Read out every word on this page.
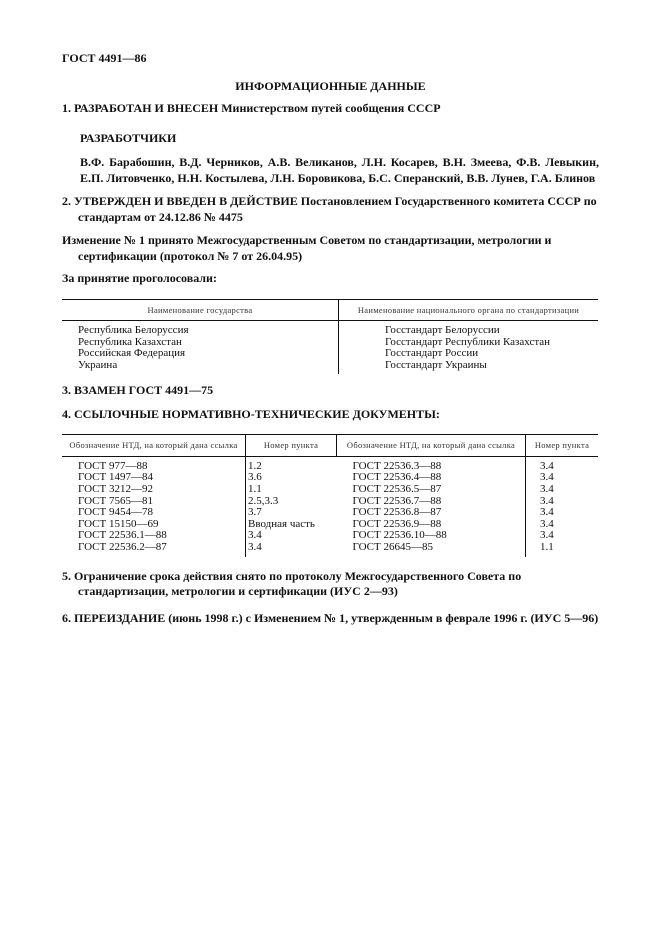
ГОСТ 4491—86
ИНФОРМАЦИОННЫЕ ДАННЫЕ
1. РАЗРАБОТАН И ВНЕСЕН Министерством путей сообщения СССР
РАЗРАБОТЧИКИ
В.Ф. Барабошин, В.Д. Черников, А.В. Великанов, Л.Н. Косарев, В.Н. Змеева, Ф.В. Левыкин, Е.П. Литовченко, Н.Н. Костылева, Л.Н. Боровикова, Б.С. Сперанский, В.В. Лунев, Г.А. Блинов
2. УТВЕРЖДЕН И ВВЕДЕН В ДЕЙСТВИЕ Постановлением Государственного комитета СССР по стандартам от 24.12.86 № 4475
Изменение № 1 принято Межгосударственным Советом по стандартизации, метрологии и сертификации (протокол № 7 от 26.04.95)
За принятие проголосовали:
Наименование государства	Наименование национального органа по стандартизации
Республика Белоруссия	Госстандарт Белоруссии
Республика Казахстан	Госстандарт Республики Казахстан
Российская Федерация	Госстандарт России
Украина	Госстандарт Украины
3. ВЗАМЕН ГОСТ 4491—75
4. ССЫЛОЧНЫЕ НОРМАТИВНО-ТЕХНИЧЕСКИЕ ДОКУМЕНТЫ:
Обозначение НТД, на который дана ссылка	Номер пункта	Обозначение НТД, на который дана ссылка	Номер пункта
ГОСТ 977—88	1.2	ГОСТ 22536.3—88	3.4
ГОСТ 1497—84	3.6	ГОСТ 22536.4—88	3.4
ГОСТ 3212—92	1.1	ГОСТ 22536.5—87	3.4
ГОСТ 7565—81	2.5,3.3	ГОСТ 22536.7—88	3.4
ГОСТ 9454—78	3.7	ГОСТ 22536.8—87	3.4
ГОСТ 15150—69	Вводная часть	ГОСТ 22536.9—88	3.4
ГОСТ 22536.1—88	3.4	ГОСТ 22536.10—88	3.4
ГОСТ 22536.2—87	3.4	ГОСТ 26645—85	1.1
5. Ограничение срока действия снято по протоколу Межгосударственного Совета по стандартизации, метрологии и сертификации (ИУС 2—93)
6. ПЕРЕИЗДАНИЕ (июнь 1998 г.) с Изменением № 1, утвержденным в феврале 1996 г. (ИУС 5—96)
